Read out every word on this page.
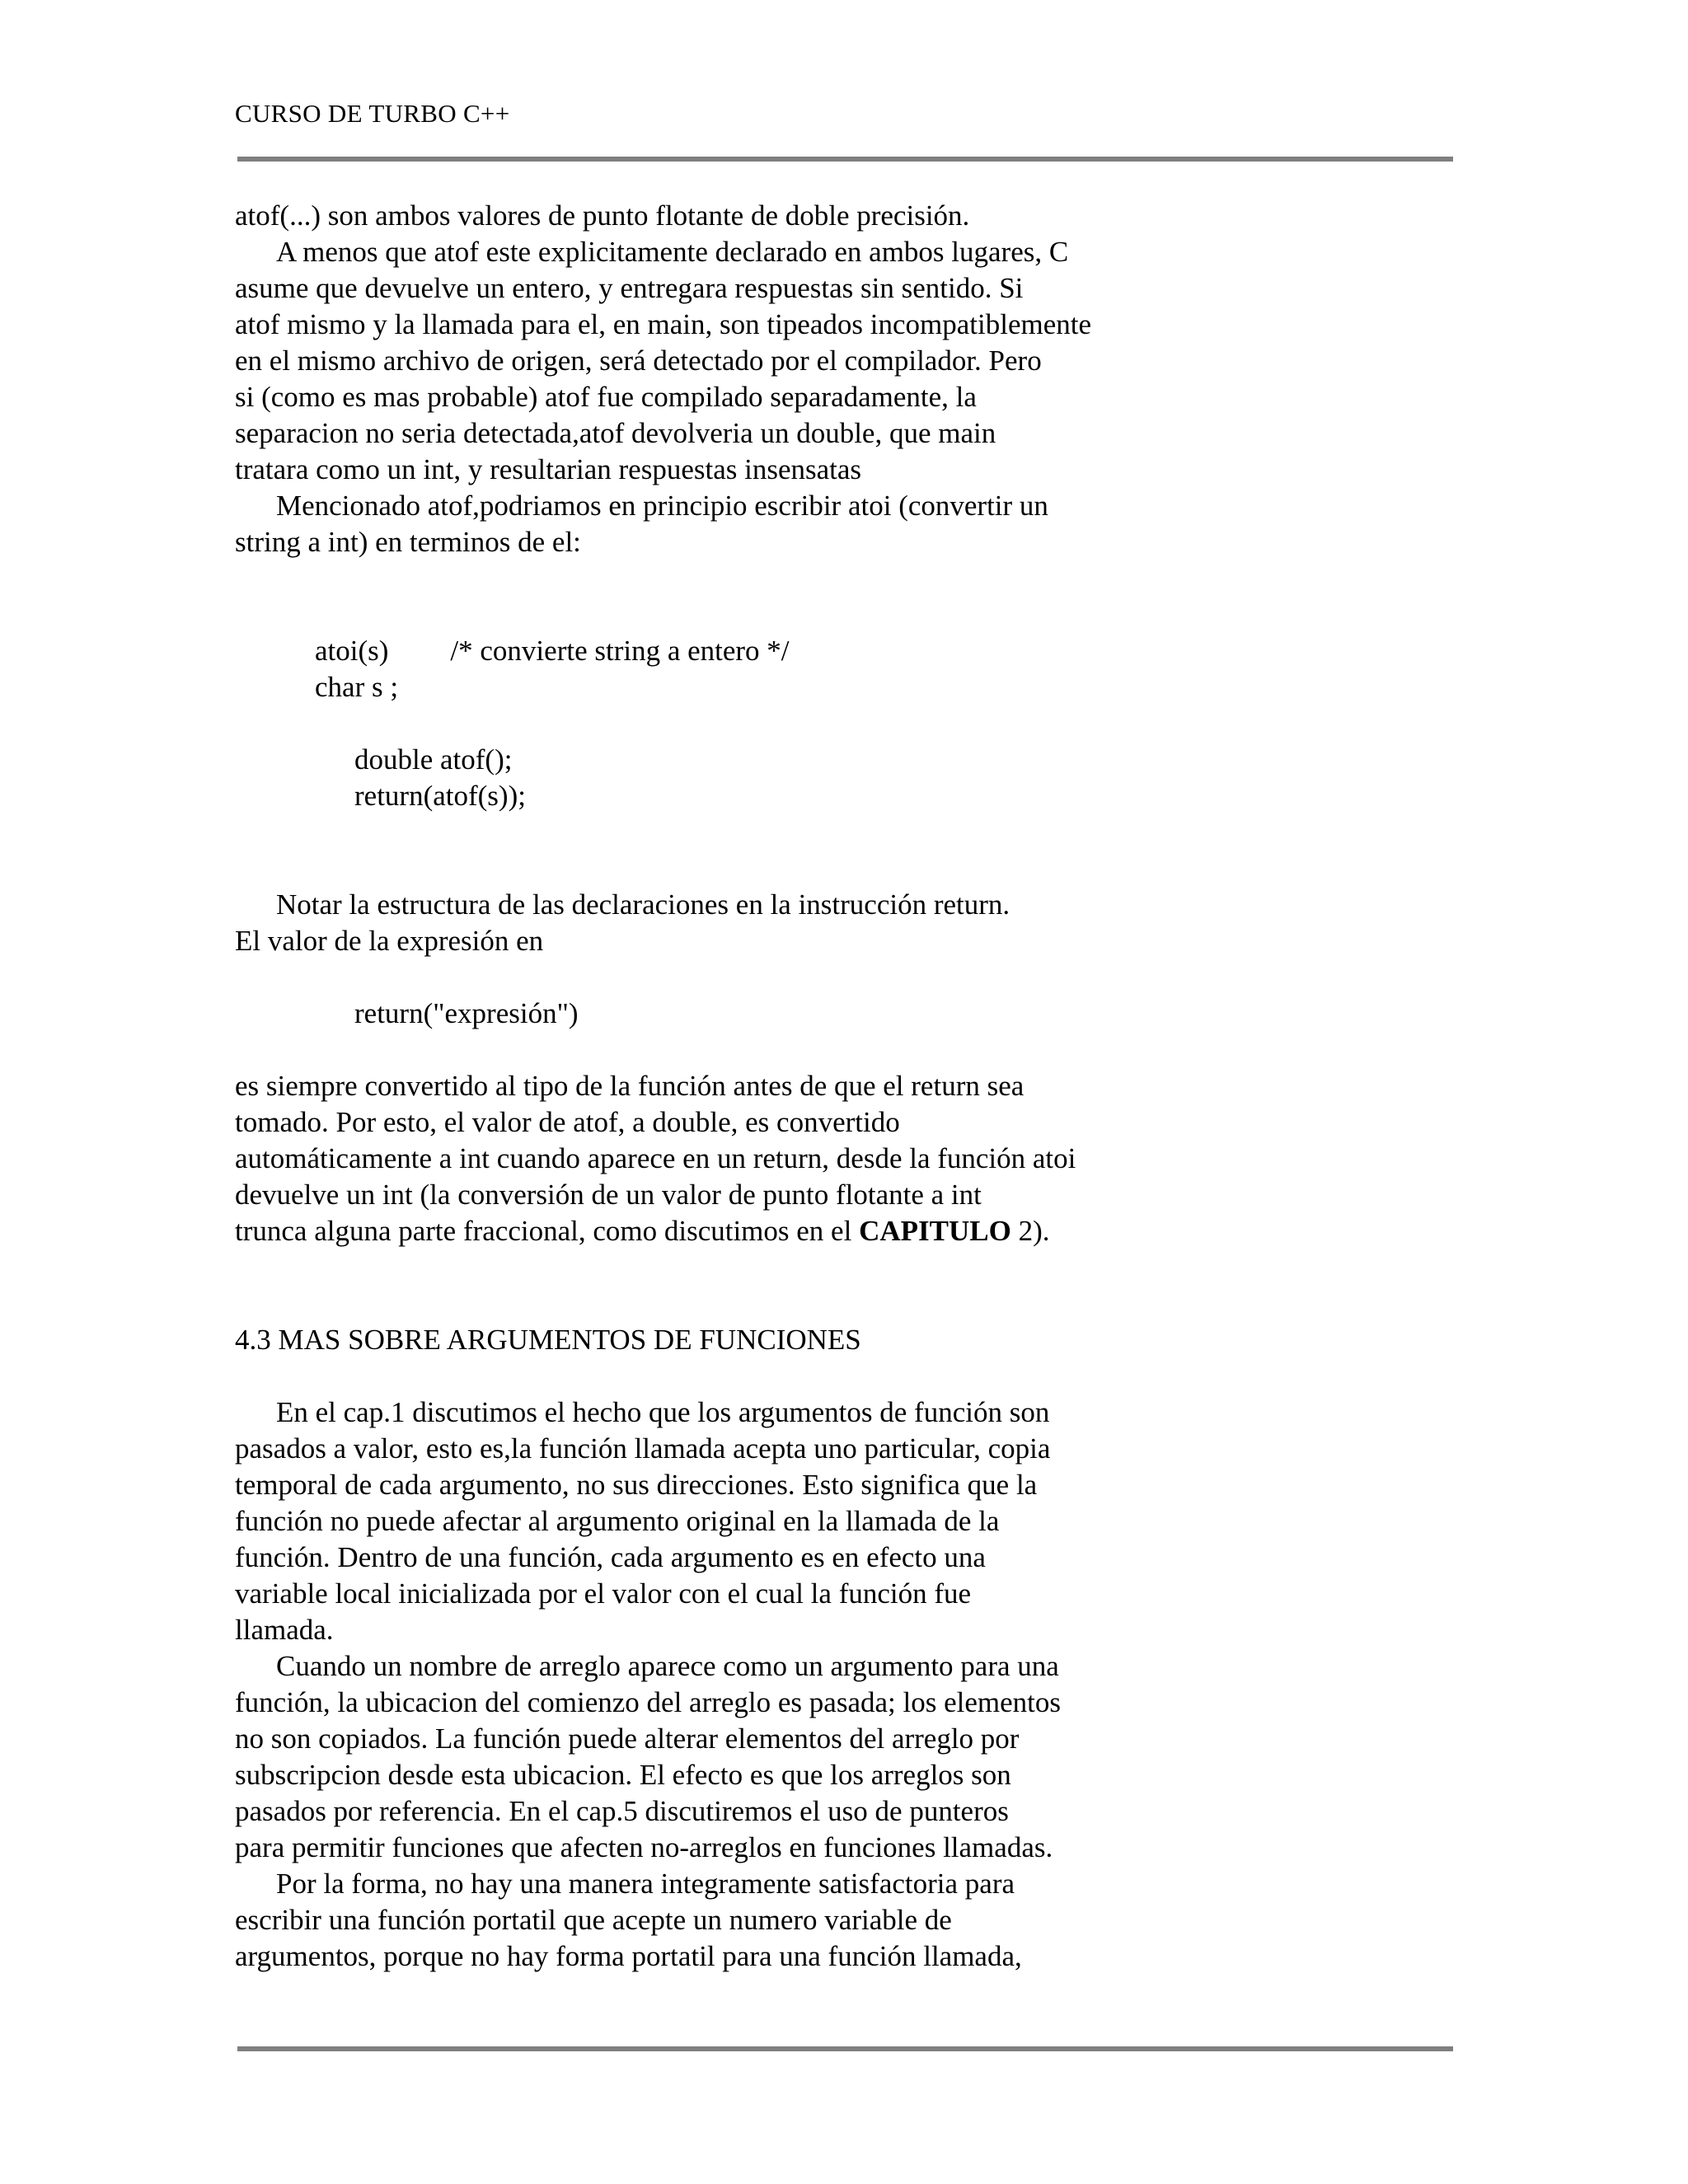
CURSO DE TURBO C++

atof(...) son ambos valores de punto flotante de doble precisión.

A menos que atof este explicitamente declarado en ambos lugares, C

asume que devuelve un entero, y entregara respuestas sin sentido. Si

atof mismo y la llamada para el, en main, son tipeados incompatiblemente

en el mismo archivo de origen, será detectado por el compilador. Pero

si (como es mas probable) atof fue compilado separadamente, la

separacion no seria detectada,atof devolveria un double, que main

tratara como un int, y resultarian respuestas insensatas

Mencionado atof,podriamos en principio escribir atoi (convertir un

string a int) en terminos de el:

atoi(s) /* convierte string a entero */

char s ;

double atof();

return(atof(s));

Notar la estructura de las declaraciones en la instrucción return.

El valor de la expresión en

return("expresión")

es siempre convertido al tipo de la función antes de que el return sea

tomado. Por esto, el valor de atof, a double, es convertido

automáticamente a int cuando aparece en un return, desde la función atoi

devuelve un int (la conversión de un valor de punto flotante a int

trunca alguna parte fraccional, como discutimos en el CAPITULO 2).

4.3 MAS SOBRE ARGUMENTOS DE FUNCIONES

En el cap.1 discutimos el hecho que los argumentos de función son

pasados a valor, esto es,la función llamada acepta uno particular, copia

temporal de cada argumento, no sus direcciones. Esto significa que la

función no puede afectar al argumento original en la llamada de la

función. Dentro de una función, cada argumento es en efecto una

variable local inicializada por el valor con el cual la función fue

llamada.

Cuando un nombre de arreglo aparece como un argumento para una

función, la ubicacion del comienzo del arreglo es pasada; los elementos

no son copiados. La función puede alterar elementos del arreglo por

subscripcion desde esta ubicacion. El efecto es que los arreglos son

pasados por referencia. En el cap.5 discutiremos el uso de punteros

para permitir funciones que afecten no-arreglos en funciones llamadas.

Por la forma, no hay una manera integramente satisfactoria para

escribir una función portatil que acepte un numero variable de

argumentos, porque no hay forma portatil para una función llamada,
